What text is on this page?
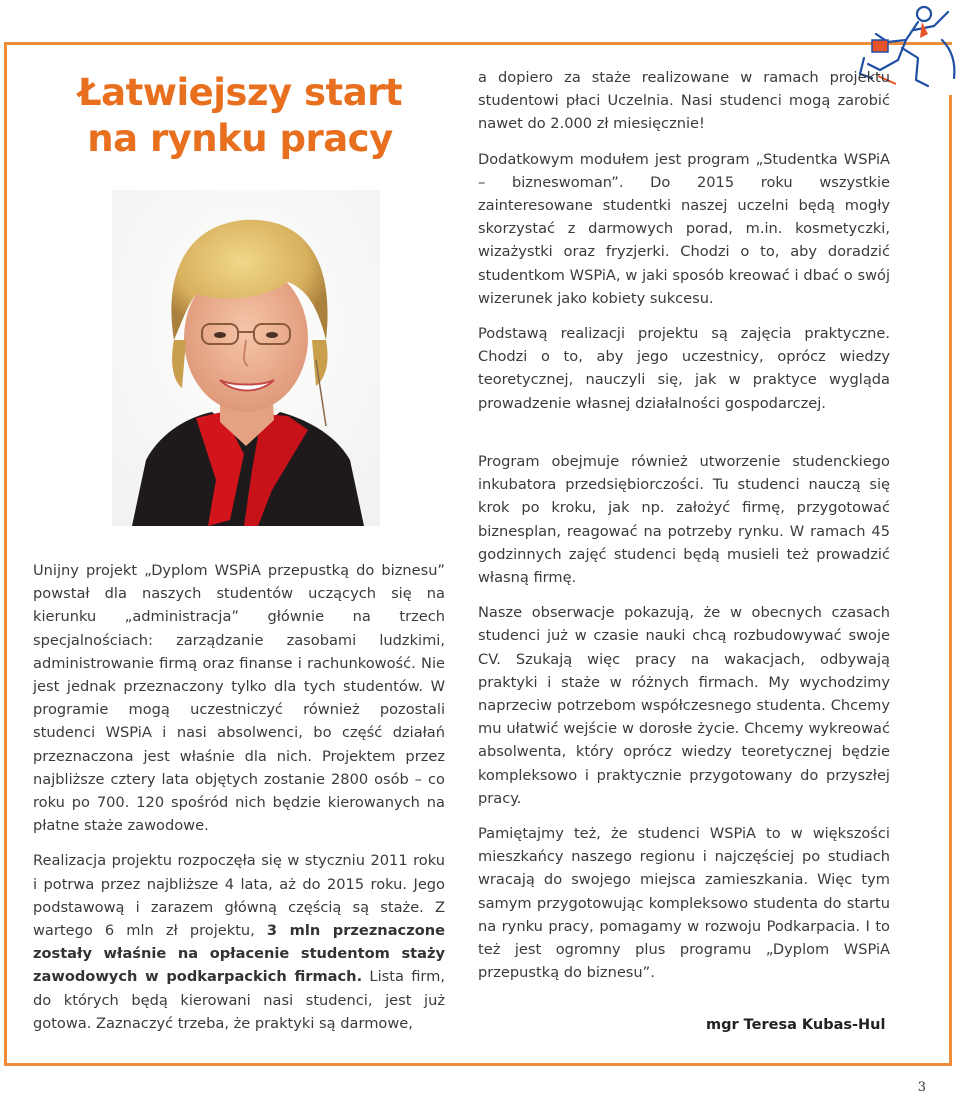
Łatwiejszy start
na rynku pracy

Unijny projekt „Dyplom WSPiA przepustką do biznesu” powstał dla naszych studentów uczących się na kierunku „administracja” głównie na trzech specjalnościach: zarządzanie zasobami ludzkimi, administrowanie firmą oraz finanse i rachunkowość. Nie jest jednak przeznaczony tylko dla tych studentów. W programie mogą uczestniczyć również pozostali studenci WSPiA i nasi absolwenci, bo część działań przeznaczona jest właśnie dla nich. Projektem przez najbliższe cztery lata objętych zostanie 2800 osób – co roku po 700. 120 spośród nich będzie kierowanych na płatne staże zawodowe.

Realizacja projektu rozpoczęła się w styczniu 2011 roku i potrwa przez najbliższe 4 lata, aż do 2015 roku. Jego podstawową i zarazem główną częścią są staże. Z wartego 6 mln zł projektu, 3 mln przeznaczone zostały właśnie na opłacenie studentom staży zawodowych w podkarpackich firmach. Lista firm, do których będą kierowani nasi studenci, jest już gotowa. Zaznaczyć trzeba, że praktyki są darmowe,

a dopiero za staże realizowane w ramach projektu studentowi płaci Uczelnia. Nasi studenci mogą zarobić nawet do 2.000 zł miesięcznie!

Dodatkowym modułem jest program „Studentka WSPiA – bizneswoman”. Do 2015 roku wszystkie zainteresowane studentki naszej uczelni będą mogły skorzystać z darmowych porad, m.in. kosmetyczki, wizażystki oraz fryzjerki. Chodzi o to, aby doradzić studentkom WSPiA, w jaki sposób kreować i dbać o swój wizerunek jako kobiety sukcesu.

Podstawą realizacji projektu są zajęcia praktyczne. Chodzi o to, aby jego uczestnicy, oprócz wiedzy teoretycznej, nauczyli się, jak w praktyce wygląda prowadzenie własnej działalności gospodarczej.

Program obejmuje również utworzenie studenckiego inkubatora przedsiębiorczości. Tu studenci nauczą się krok po kroku, jak np. założyć firmę, przygotować biznesplan, reagować na potrzeby rynku. W ramach 45 godzinnych zajęć studenci będą musieli też prowadzić własną firmę.

Nasze obserwacje pokazują, że w obecnych czasach studenci już w czasie nauki chcą rozbudowywać swoje CV. Szukają więc pracy na wakacjach, odbywają praktyki i staże w różnych firmach. My wychodzimy naprzeciw potrzebom współczesnego studenta. Chcemy mu ułatwić wejście w dorosłe życie. Chcemy wykreować absolwenta, który oprócz wiedzy teoretycznej będzie kompleksowo i praktycznie przygotowany do przyszłej pracy.

Pamiętajmy też, że studenci WSPiA to w większości mieszkańcy naszego regionu i najczęściej po studiach wracają do swojego miejsca zamieszkania. Więc tym samym przygotowując kompleksowo studenta do startu na rynku pracy, pomagamy w rozwoju Podkarpacia. I to też jest ogromny plus programu „Dyplom WSPiA przepustką do biznesu”.

mgr Teresa Kubas-Hul
3
